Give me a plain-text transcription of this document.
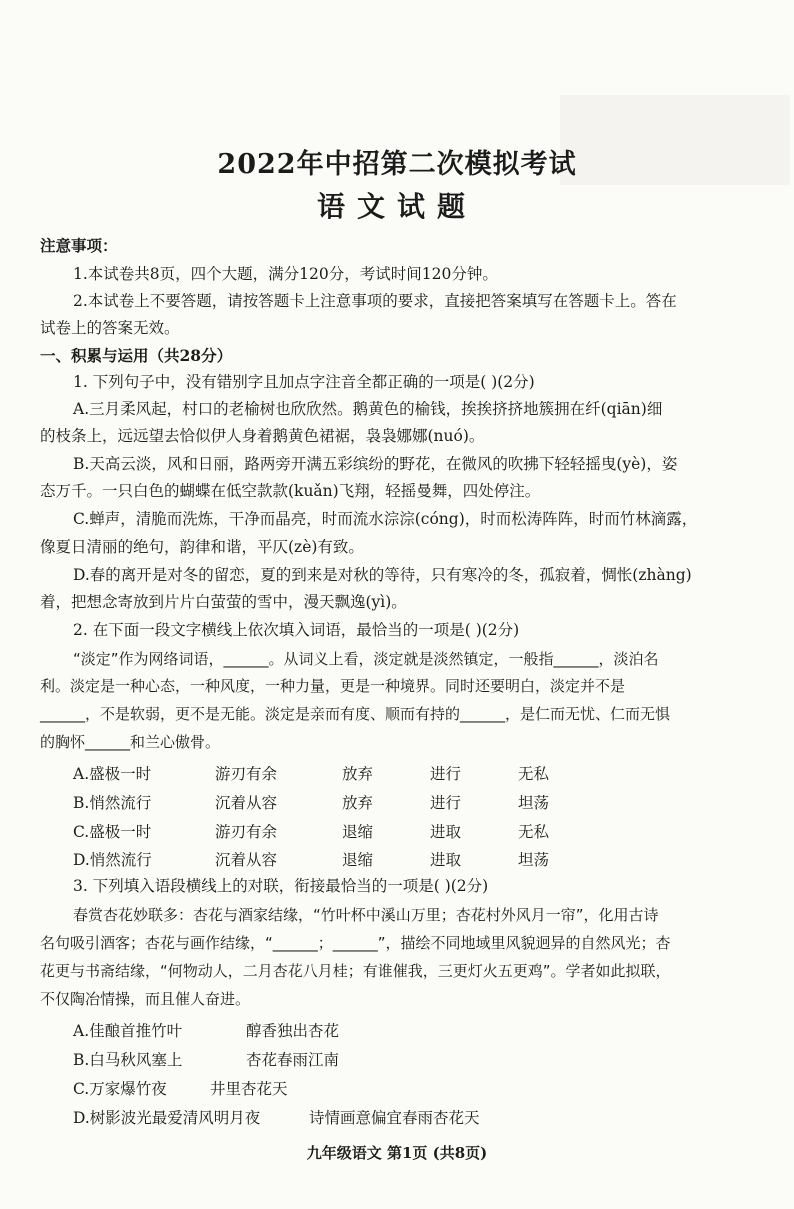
2022年中招第二次模拟考试
语文试题
注意事项：
1.本试卷共8页，四个大题，满分120分，考试时间120分钟。
2.本试卷上不要答题，请按答题卡上注意事项的要求，直接把答案填写在答题卡上。答在
试卷上的答案无效。
一、积累与运用（共28分）
1. 下列句子中，没有错别字且加点字注音全都正确的一项是( )(2分)
A.三月柔风起，村口的老榆树也欣欣然。鹅黄色的榆钱，挨挨挤挤地簇拥在纤(qiān)细
的枝条上，远远望去恰似伊人身着鹅黄色裙裾，袅袅娜娜(nuó)。
B.天高云淡，风和日丽，路两旁开满五彩缤纷的野花，在微风的吹拂下轻轻摇曳(yè)，姿
态万千。一只白色的蝴蝶在低空款款(kuǎn)飞翔，轻摇曼舞，四处停注。
C.蝉声，清脆而洗炼，干净而晶亮，时而流水淙淙(cóng)，时而松涛阵阵，时而竹林滴露，
像夏日清丽的绝句，韵律和谐，平仄(zè)有致。
D.春的离开是对冬的留恋，夏的到来是对秋的等待，只有寒冷的冬，孤寂着，惆怅(zhàng)
着，把想念寄放到片片白萤萤的雪中，漫天飘逸(yì)。
2. 在下面一段文字横线上依次填入词语，最恰当的一项是( )(2分)
“淡定”作为网络词语，______。从词义上看，淡定就是淡然镇定，一般指______，淡泊名
利。淡定是一种心态，一种风度，一种力量，更是一种境界。同时还要明白，淡定并不是
______，不是软弱，更不是无能。淡定是亲而有度、顺而有持的______，是仁而无忧、仁而无惧
的胸怀______和兰心傲骨。
A.盛极一时	游刃有余	放弃	进行	无私
B.悄然流行	沉着从容	放弃	进行	坦荡
C.盛极一时	游刃有余	退缩	进取	无私
D.悄然流行	沉着从容	退缩	进取	坦荡
3. 下列填入语段横线上的对联，衔接最恰当的一项是( )(2分)
春赏杏花妙联多：杏花与酒家结缘，“竹叶杯中溪山万里；杏花村外风月一帘”，化用古诗
名句吸引酒客；杏花与画作结缘，“______；______”，描绘不同地域里风貌迥异的自然风光；杏
花更与书斋结缘，“何物动人，二月杏花八月桂；有谁催我，三更灯火五更鸡”。学者如此拟联，
不仅陶冶情操，而且催人奋进。
A.佳酿首推竹叶	醇香独出杏花
B.白马秋风塞上	杏花春雨江南
C.万家爆竹夜	井里杏花天
D.树影波光最爱清风明月夜	诗情画意偏宜春雨杏花天
九年级语文 第1页 (共8页)
